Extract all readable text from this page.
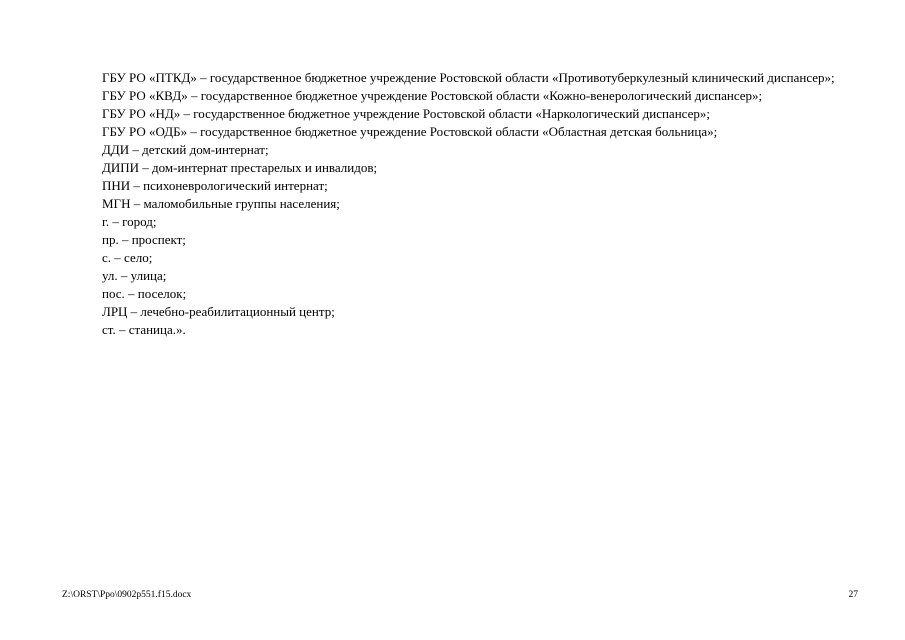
ГБУ РО «ПТКД» – государственное бюджетное учреждение Ростовской области «Противотуберкулезный клинический диспансер»;

ГБУ РО «КВД» – государственное бюджетное учреждение Ростовской области «Кожно-венерологический диспансер»;

ГБУ РО «НД» – государственное бюджетное учреждение Ростовской области «Наркологический диспансер»;

ГБУ РО «ОДБ» – государственное бюджетное учреждение Ростовской области «Областная детская больница»;

ДДИ – детский дом-интернат;

ДИПИ – дом-интернат престарелых и инвалидов;

ПНИ – психоневрологический интернат;

МГН – маломобильные группы населения;

г. – город;

пр. – проспект;

с. – село;

ул. – улица;

пос. – поселок;

ЛРЦ – лечебно-реабилитационный центр;

ст. – станица.».

Z:\ORST\Ppo\0902p551.f15.docx	27
